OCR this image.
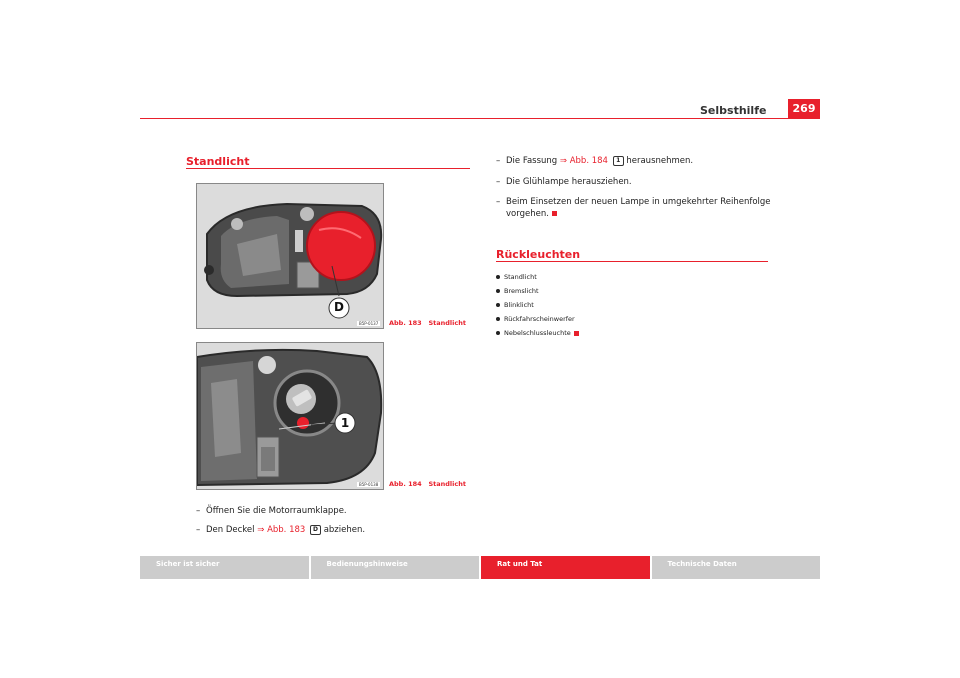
Selbsthilfe	269
Standlicht
D
B5P-0137	Abb. 183 Standlicht
1
B5P-0138	Abb. 184 Standlicht
– Öffnen Sie die Motorraumklappe.
– Den Deckel ⇒ Abb. 183 D abziehen.
– Die Fassung ⇒ Abb. 184 1 herausnehmen.
– Die Glühlampe herausziehen.
– Beim Einsetzen der neuen Lampe in umgekehrter Reihenfolge
vorgehen.
Rückleuchten
Standlicht
Bremslicht
Blinklicht
Rückfahrscheinwerfer
Nebelschlussleuchte
Sicher ist sicher	Bedienungshinweise	Rat und Tat	Technische Daten
